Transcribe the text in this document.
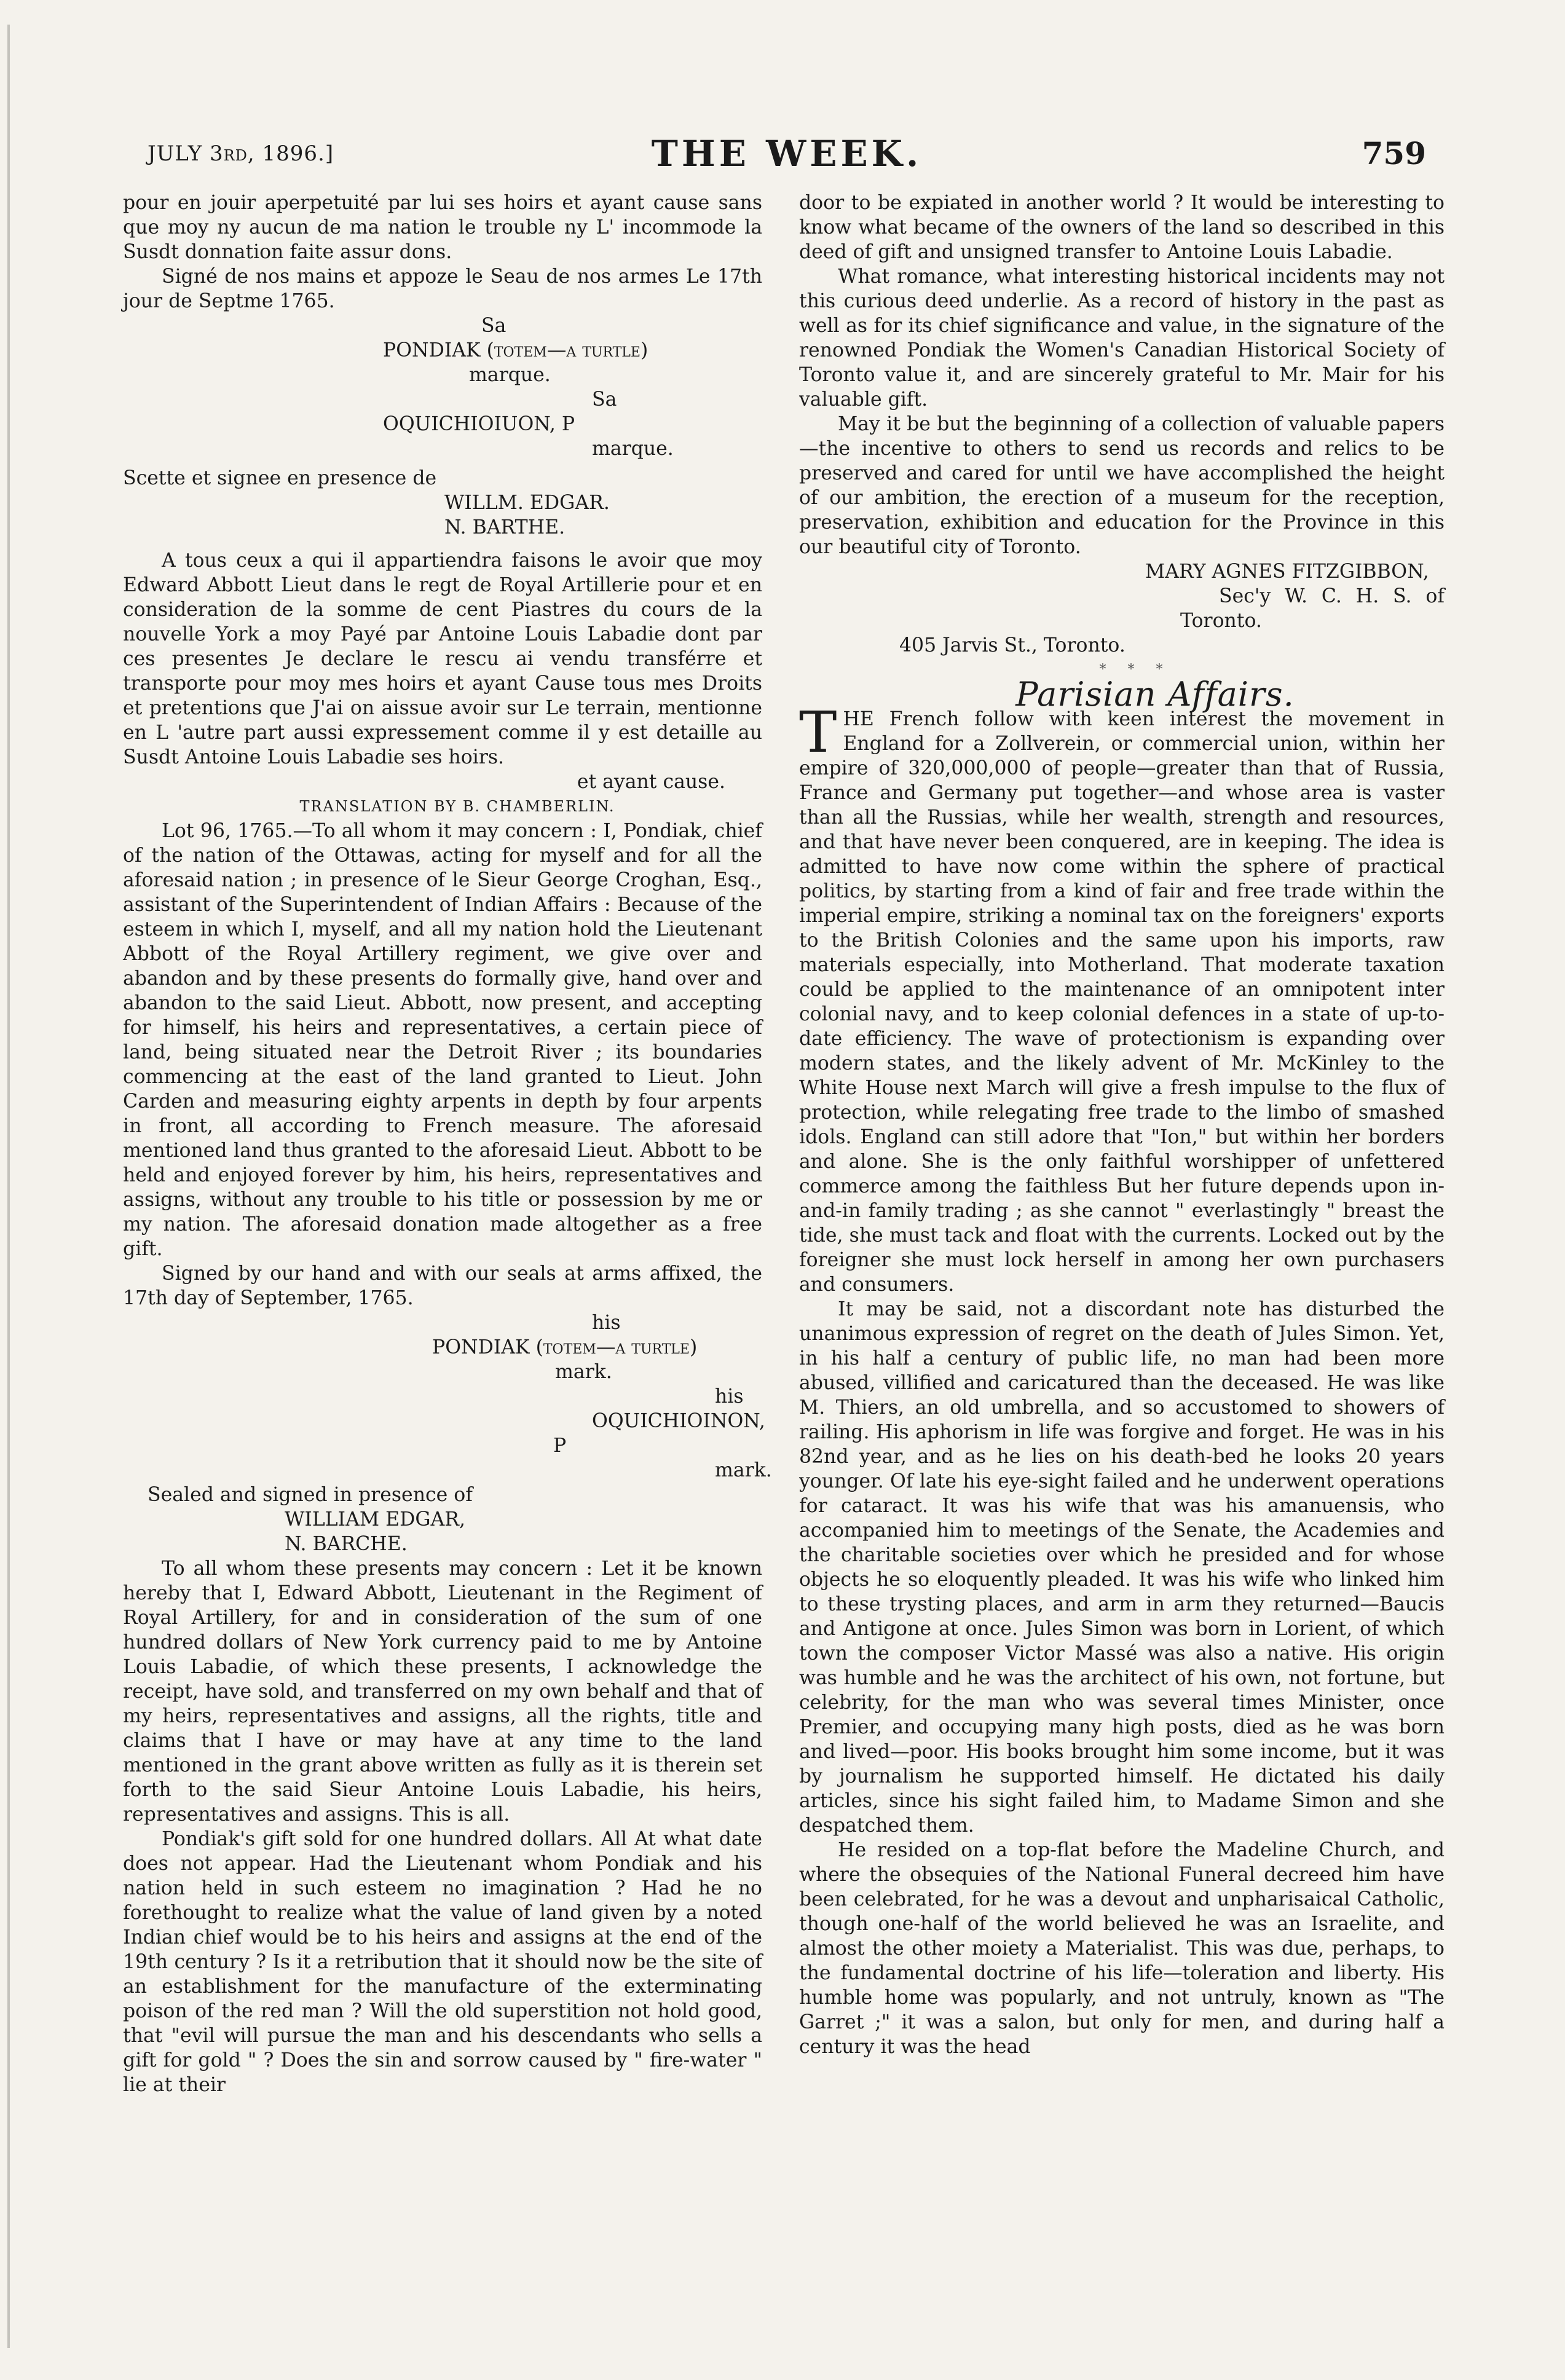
JULY 3rd, 1896.]	THE WEEK.	759

pour en jouir aperpetuité par lui ses hoirs et ayant cause sans que moy ny aucun de ma nation le trouble ny L' incommode la Susdt donnation faite assur dons.

Signé de nos mains et appoze le Seau de nos armes Le 17th jour de Septme 1765.

Sa

PONDIAK (totem—a turtle)

marque.

Sa

OQUICHIOIUON, P

marque.

Scette et signee en presence de

WILLM. EDGAR.

N. BARTHE.

A tous ceux a qui il appartiendra faisons le avoir que moy Edward Abbott Lieut dans le regt de Royal Artillerie pour et en consideration de la somme de cent Piastres du cours de la nouvelle York a moy Payé par Antoine Louis Labadie dont par ces presentes Je declare le rescu ai vendu transférre et transporte pour moy mes hoirs et ayant Cause tous mes Droits et pretentions que J'ai on aissue avoir sur Le terrain, mentionne en L 'autre part aussi expressement comme il y est detaille au Susdt Antoine Louis Labadie ses hoirs.

et ayant cause.

TRANSLATION BY B. CHAMBERLIN.

Lot 96, 1765.—To all whom it may concern : I, Pondiak, chief of the nation of the Ottawas, acting for myself and for all the aforesaid nation ; in presence of le Sieur George Croghan, Esq., assistant of the Superintendent of Indian Affairs : Because of the esteem in which I, myself, and all my nation hold the Lieutenant Abbott of the Royal Artillery regiment, we give over and abandon and by these presents do formally give, hand over and abandon to the said Lieut. Abbott, now present, and accepting for himself, his heirs and representatives, a certain piece of land, being situated near the Detroit River ; its boundaries commencing at the east of the land granted to Lieut. John Carden and measuring eighty arpents in depth by four arpents in front, all according to French measure. The aforesaid mentioned land thus granted to the aforesaid Lieut. Abbott to be held and enjoyed forever by him, his heirs, representatives and assigns, without any trouble to his title or possession by me or my nation. The aforesaid donation made altogether as a free gift.

Signed by our hand and with our seals at arms affixed, the 17th day of September, 1765.

his

PONDIAK (totem—a turtle)

mark.

his

OQUICHIOINON, P

mark.

Sealed and signed in presence of

WILLIAM EDGAR,

N. BARCHE.

To all whom these presents may concern : Let it be known hereby that I, Edward Abbott, Lieutenant in the Regiment of Royal Artillery, for and in consideration of the sum of one hundred dollars of New York currency paid to me by Antoine Louis Labadie, of which these presents, I acknowledge the receipt, have sold, and transferred on my own behalf and that of my heirs, representatives and assigns, all the rights, title and claims that I have or may have at any time to the land mentioned in the grant above written as fully as it is therein set forth to the said Sieur Antoine Louis Labadie, his heirs, representatives and assigns. This is all.

Pondiak's gift sold for one hundred dollars. All At what date does not appear. Had the Lieutenant whom Pondiak and his nation held in such esteem no imagination ? Had he no forethought to realize what the value of land given by a noted Indian chief would be to his heirs and assigns at the end of the 19th century ? Is it a retribution that it should now be the site of an establishment for the manufacture of the exterminating poison of the red man ? Will the old superstition not hold good, that "evil will pursue the man and his descendants who sells a gift for gold " ? Does the sin and sorrow caused by " fire-water " lie at their

door to be expiated in another world ? It would be interesting to know what became of the owners of the land so described in this deed of gift and unsigned transfer to Antoine Louis Labadie.

What romance, what interesting historical incidents may not this curious deed underlie. As a record of history in the past as well as for its chief significance and value, in the signature of the renowned Pondiak the Women's Canadian Historical Society of Toronto value it, and are sincerely grateful to Mr. Mair for his valuable gift.

May it be but the beginning of a collection of valuable papers—the incentive to others to send us records and relics to be preserved and cared for until we have accomplished the height of our ambition, the erection of a museum for the reception, preservation, exhibition and education for the Province in this our beautiful city of Toronto.

MARY AGNES FITZGIBBON,

Sec'y W. C. H. S. of Toronto.

405 Jarvis St., Toronto.

* * *

Parisian Affairs.

THE French follow with keen interest the movement in England for a Zollverein, or commercial union, within her empire of 320,000,000 of people—greater than that of Russia, France and Germany put together—and whose area is vaster than all the Russias, while her wealth, strength and resources, and that have never been conquered, are in keeping. The idea is admitted to have now come within the sphere of practical politics, by starting from a kind of fair and free trade within the imperial empire, striking a nominal tax on the foreigners' exports to the British Colonies and the same upon his imports, raw materials especially, into Motherland. That moderate taxation could be applied to the maintenance of an omnipotent inter colonial navy, and to keep colonial defences in a state of up-to-date efficiency. The wave of protectionism is expanding over modern states, and the likely advent of Mr. McKinley to the White House next March will give a fresh impulse to the flux of protection, while relegating free trade to the limbo of smashed idols. England can still adore that "Ion," but within her borders and alone. She is the only faithful worshipper of unfettered commerce among the faithless But her future depends upon in-and-in family trading ; as she cannot " everlastingly " breast the tide, she must tack and float with the currents. Locked out by the foreigner she must lock herself in among her own purchasers and consumers.

It may be said, not a discordant note has disturbed the unanimous expression of regret on the death of Jules Simon. Yet, in his half a century of public life, no man had been more abused, villified and caricatured than the deceased. He was like M. Thiers, an old umbrella, and so accustomed to showers of railing. His aphorism in life was forgive and forget. He was in his 82nd year, and as he lies on his death-bed he looks 20 years younger. Of late his eye-sight failed and he underwent operations for cataract. It was his wife that was his amanuensis, who accompanied him to meetings of the Senate, the Academies and the charitable societies over which he presided and for whose objects he so eloquently pleaded. It was his wife who linked him to these trysting places, and arm in arm they returned—Baucis and Antigone at once. Jules Simon was born in Lorient, of which town the composer Victor Massé was also a native. His origin was humble and he was the architect of his own, not fortune, but celebrity, for the man who was several times Minister, once Premier, and occupying many high posts, died as he was born and lived—poor. His books brought him some income, but it was by journalism he supported himself. He dictated his daily articles, since his sight failed him, to Madame Simon and she despatched them.

He resided on a top-flat before the Madeline Church, and where the obsequies of the National Funeral decreed him have been celebrated, for he was a devout and unpharisaical Catholic, though one-half of the world believed he was an Israelite, and almost the other moiety a Materialist. This was due, perhaps, to the fundamental doctrine of his life—toleration and liberty. His humble home was popularly, and not untruly, known as "The Garret ;" it was a salon, but only for men, and during half a century it was the head
